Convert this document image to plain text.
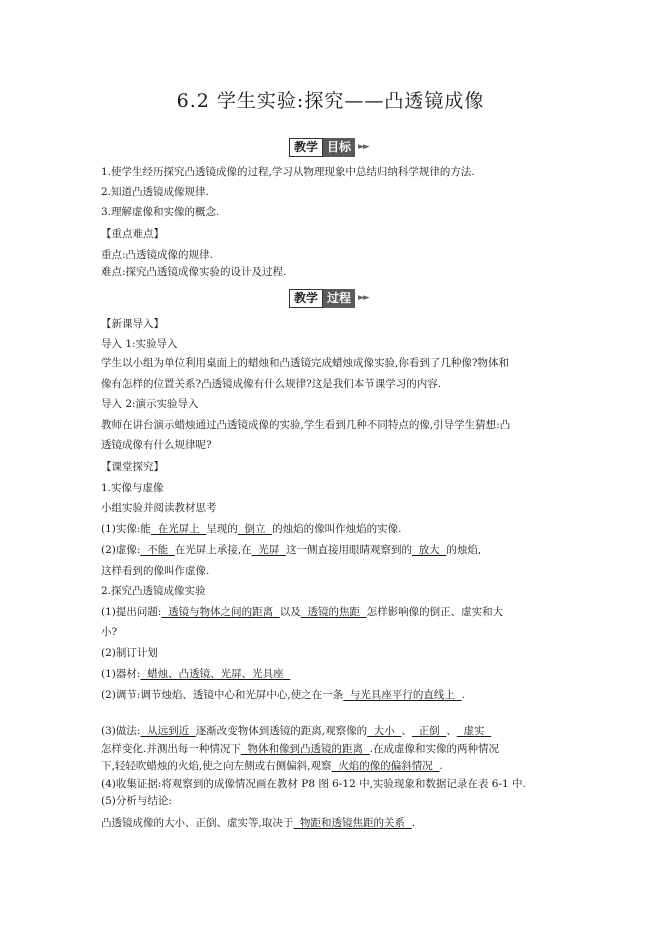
6.2 学生实验:探究——凸透镜成像
教学 目标 ►►
1.使学生经历探究凸透镜成像的过程,学习从物理现象中总结归纳科学规律的方法.
2.知道凸透镜成像规律.
3.理解虚像和实像的概念.
【重点难点】
重点:凸透镜成像的规律.
难点:探究凸透镜成像实验的设计及过程.
教学 过程 ►►
【新课导入】
导入 1:实验导入
学生以小组为单位利用桌面上的蜡烛和凸透镜完成蜡烛成像实验,你看到了几种像?物体和
像有怎样的位置关系?凸透镜成像有什么规律?这是我们本节课学习的内容.
导入 2:演示实验导入
教师在讲台演示蜡烛通过凸透镜成像的实验,学生看到几种不同特点的像,引导学生猜想:凸
透镜成像有什么规律呢?
【课堂探究】
1.实像与虚像
小组实验并阅读教材思考
(1)实像:能  在光屏上  呈现的  倒立  的烛焰的像叫作烛焰的实像.
(2)虚像:  不能  在光屏上承接,在  光屏  这一侧直接用眼睛观察到的  放大  的烛焰,
这样看到的像叫作虚像.
2.探究凸透镜成像实验
(1)提出问题:  透镜与物体之间的距离  以及  透镜的焦距  怎样影响像的倒正、虚实和大
小?
(2)制订计划
(1)器材:  蜡烛、凸透镜、光屏、光具座
(2)调节:调节烛焰、透镜中心和光屏中心,使之在一条  与光具座平行的直线上  .
(3)做法:  从远到近  逐渐改变物体到透镜的距离,观察像的  大小  、  正倒  、  虚实
怎样变化.并测出每一种情况下  物体和像到凸透镜的距离  .在成虚像和实像的两种情况
下,轻轻吹蜡烛的火焰,使之向左侧或右侧偏斜,观察  火焰的像的偏斜情况  .
(4)收集证据:将观察到的成像情况画在教材 P8 图 6-12 中,实验现象和数据记录在表 6-1 中.
(5)分析与结论:
凸透镜成像的大小、正倒、虚实等,取决于  物距和透镜焦距的关系  .
